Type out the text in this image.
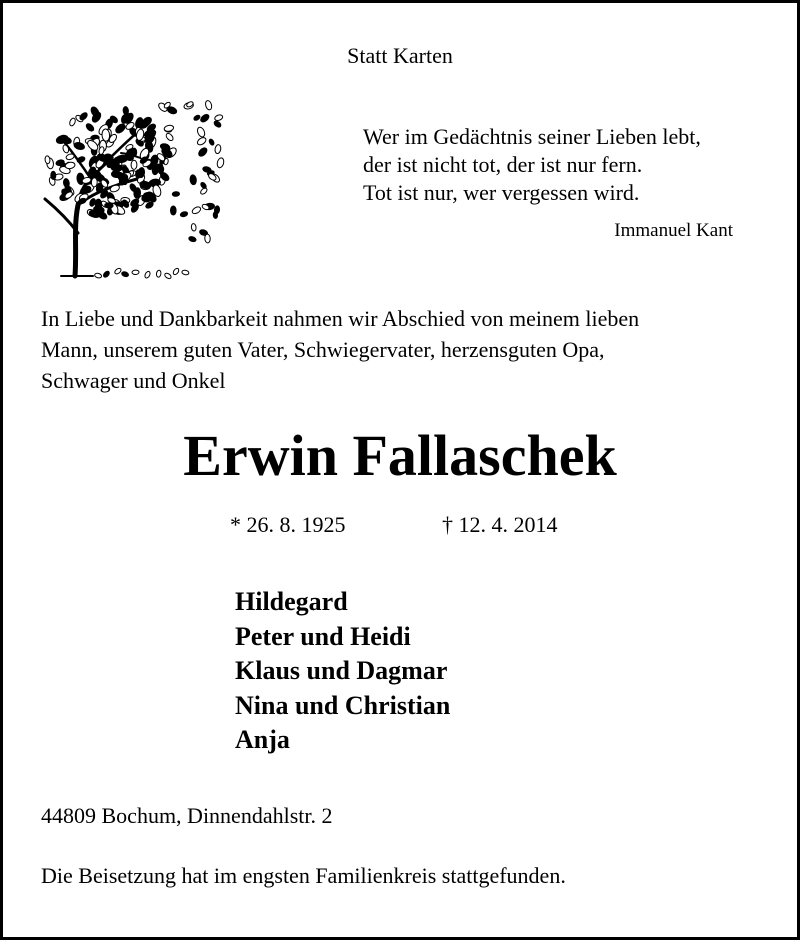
Statt Karten

Wer im Gedächtnis seiner Lieben lebt,
der ist nicht tot, der ist nur fern.
Tot ist nur, wer vergessen wird.

Immanuel Kant

In Liebe und Dankbarkeit nahmen wir Abschied von meinem lieben
Mann, unserem guten Vater, Schwiegervater, herzensguten Opa,
Schwager und Onkel

Erwin Fallaschek

* 26. 8. 1925	† 12. 4. 2014
Hildegard
Peter und Heidi
Klaus und Dagmar
Nina und Christian
Anja

44809 Bochum, Dinnendahlstr. 2

Die Beisetzung hat im engsten Familienkreis stattgefunden.
